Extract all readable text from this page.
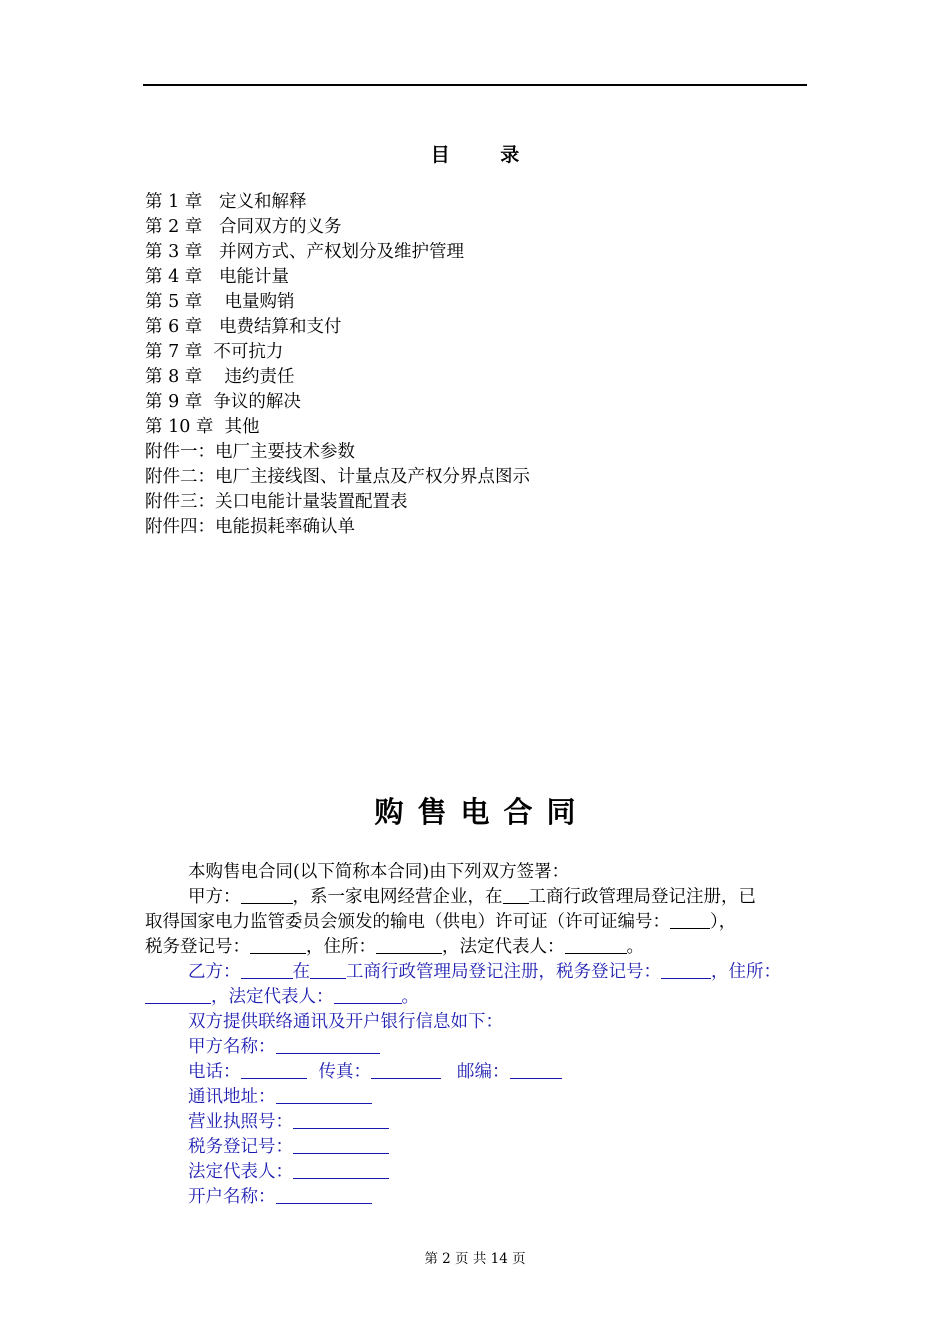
目 录
第 1 章   定义和解释
第 2 章   合同双方的义务
第 3 章   并网方式、产权划分及维护管理
第 4 章   电能计量
第 5 章    电量购销
第 6 章   电费结算和支付
第 7 章  不可抗力
第 8 章    违约责任
第 9 章  争议的解决
第 10 章  其他
附件一：电厂主要技术参数
附件二：电厂主接线图、计量点及产权分界点图示
附件三：关口电能计量装置配置表
附件四：电能损耗率确认单
购售电合同
本购售电合同(以下简称本合同)由下列双方签署：
甲方：	，系一家电网经营企业，在 工商行政管理局登记注册，已
取得国家电力监管委员会颁发的输电（供电）许可证（许可证编号： ），
税务登记号：	，住所：	，法定代表人：	。
乙方：	在 工商行政管理局登记注册，税务登记号：	，住所：
，法定代表人：	。
双方提供联络通讯及开户银行信息如下：
甲方名称：
电话：	传真：	邮编：
通讯地址：
营业执照号：
税务登记号：
法定代表人：
开户名称：
第 2 页 共 14 页
